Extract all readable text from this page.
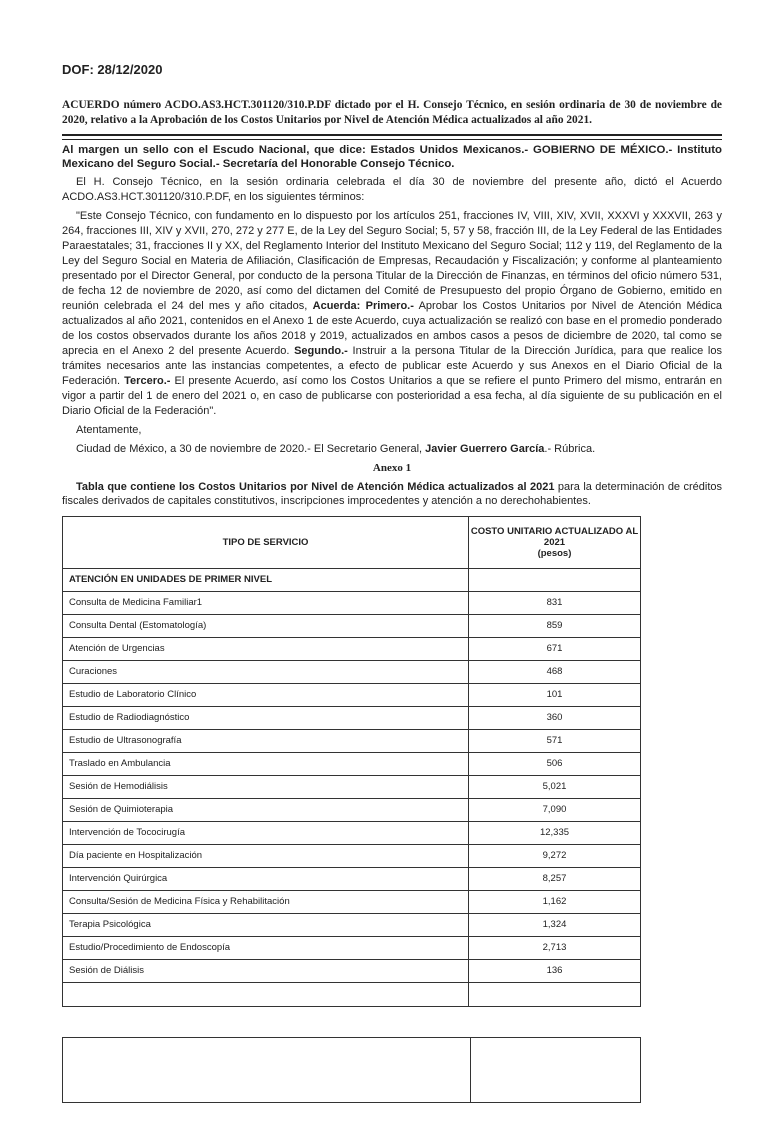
DOF: 28/12/2020
ACUERDO número ACDO.AS3.HCT.301120/310.P.DF dictado por el H. Consejo Técnico, en sesión ordinaria de 30 de noviembre de 2020, relativo a la Aprobación de los Costos Unitarios por Nivel de Atención Médica actualizados al año 2021.
Al margen un sello con el Escudo Nacional, que dice: Estados Unidos Mexicanos.- GOBIERNO DE MÉXICO.- Instituto Mexicano del Seguro Social.- Secretaría del Honorable Consejo Técnico.
El H. Consejo Técnico, en la sesión ordinaria celebrada el día 30 de noviembre del presente año, dictó el Acuerdo ACDO.AS3.HCT.301120/310.P.DF, en los siguientes términos:
"Este Consejo Técnico, con fundamento en lo dispuesto por los artículos 251, fracciones IV, VIII, XIV, XVII, XXXVI y XXXVII, 263 y 264, fracciones III, XIV y XVII, 270, 272 y 277 E, de la Ley del Seguro Social; 5, 57 y 58, fracción III, de la Ley Federal de las Entidades Paraestatales; 31, fracciones II y XX, del Reglamento Interior del Instituto Mexicano del Seguro Social; 112 y 119, del Reglamento de la Ley del Seguro Social en Materia de Afiliación, Clasificación de Empresas, Recaudación y Fiscalización; y conforme al planteamiento presentado por el Director General, por conducto de la persona Titular de la Dirección de Finanzas, en términos del oficio número 531, de fecha 12 de noviembre de 2020, así como del dictamen del Comité de Presupuesto del propio Órgano de Gobierno, emitido en reunión celebrada el 24 del mes y año citados, Acuerda: Primero.- Aprobar los Costos Unitarios por Nivel de Atención Médica actualizados al año 2021, contenidos en el Anexo 1 de este Acuerdo, cuya actualización se realizó con base en el promedio ponderado de los costos observados durante los años 2018 y 2019, actualizados en ambos casos a pesos de diciembre de 2020, tal como se aprecia en el Anexo 2 del presente Acuerdo. Segundo.- Instruir a la persona Titular de la Dirección Jurídica, para que realice los trámites necesarios ante las instancias competentes, a efecto de publicar este Acuerdo y sus Anexos en el Diario Oficial de la Federación. Tercero.- El presente Acuerdo, así como los Costos Unitarios a que se refiere el punto Primero del mismo, entrarán en vigor a partir del 1 de enero del 2021 o, en caso de publicarse con posterioridad a esa fecha, al día siguiente de su publicación en el Diario Oficial de la Federación".
Atentamente,
Ciudad de México, a 30 de noviembre de 2020.- El Secretario General, Javier Guerrero García.- Rúbrica.
Anexo 1
Tabla que contiene los Costos Unitarios por Nivel de Atención Médica actualizados al 2021 para la determinación de créditos fiscales derivados de capitales constitutivos, inscripciones improcedentes y atención a no derechohabientes.
TIPO DE SERVICIO	COSTO UNITARIO ACTUALIZADO AL 2021
(pesos)
ATENCIÓN EN UNIDADES DE PRIMER NIVEL	
Consulta de Medicina Familiar1	831
Consulta Dental (Estomatología)	859
Atención de Urgencias	671
Curaciones	468
Estudio de Laboratorio Clínico	101
Estudio de Radiodiagnóstico	360
Estudio de Ultrasonografía	571
Traslado en Ambulancia	506
Sesión de Hemodiálisis	5,021
Sesión de Quimioterapia	7,090
Intervención de Tococirugía	12,335
Día paciente en Hospitalización	9,272
Intervención Quirúrgica	8,257
Consulta/Sesión de Medicina Física y Rehabilitación	1,162
Terapia Psicológica	1,324
Estudio/Procedimiento de Endoscopía	2,713
Sesión de Diálisis	136
